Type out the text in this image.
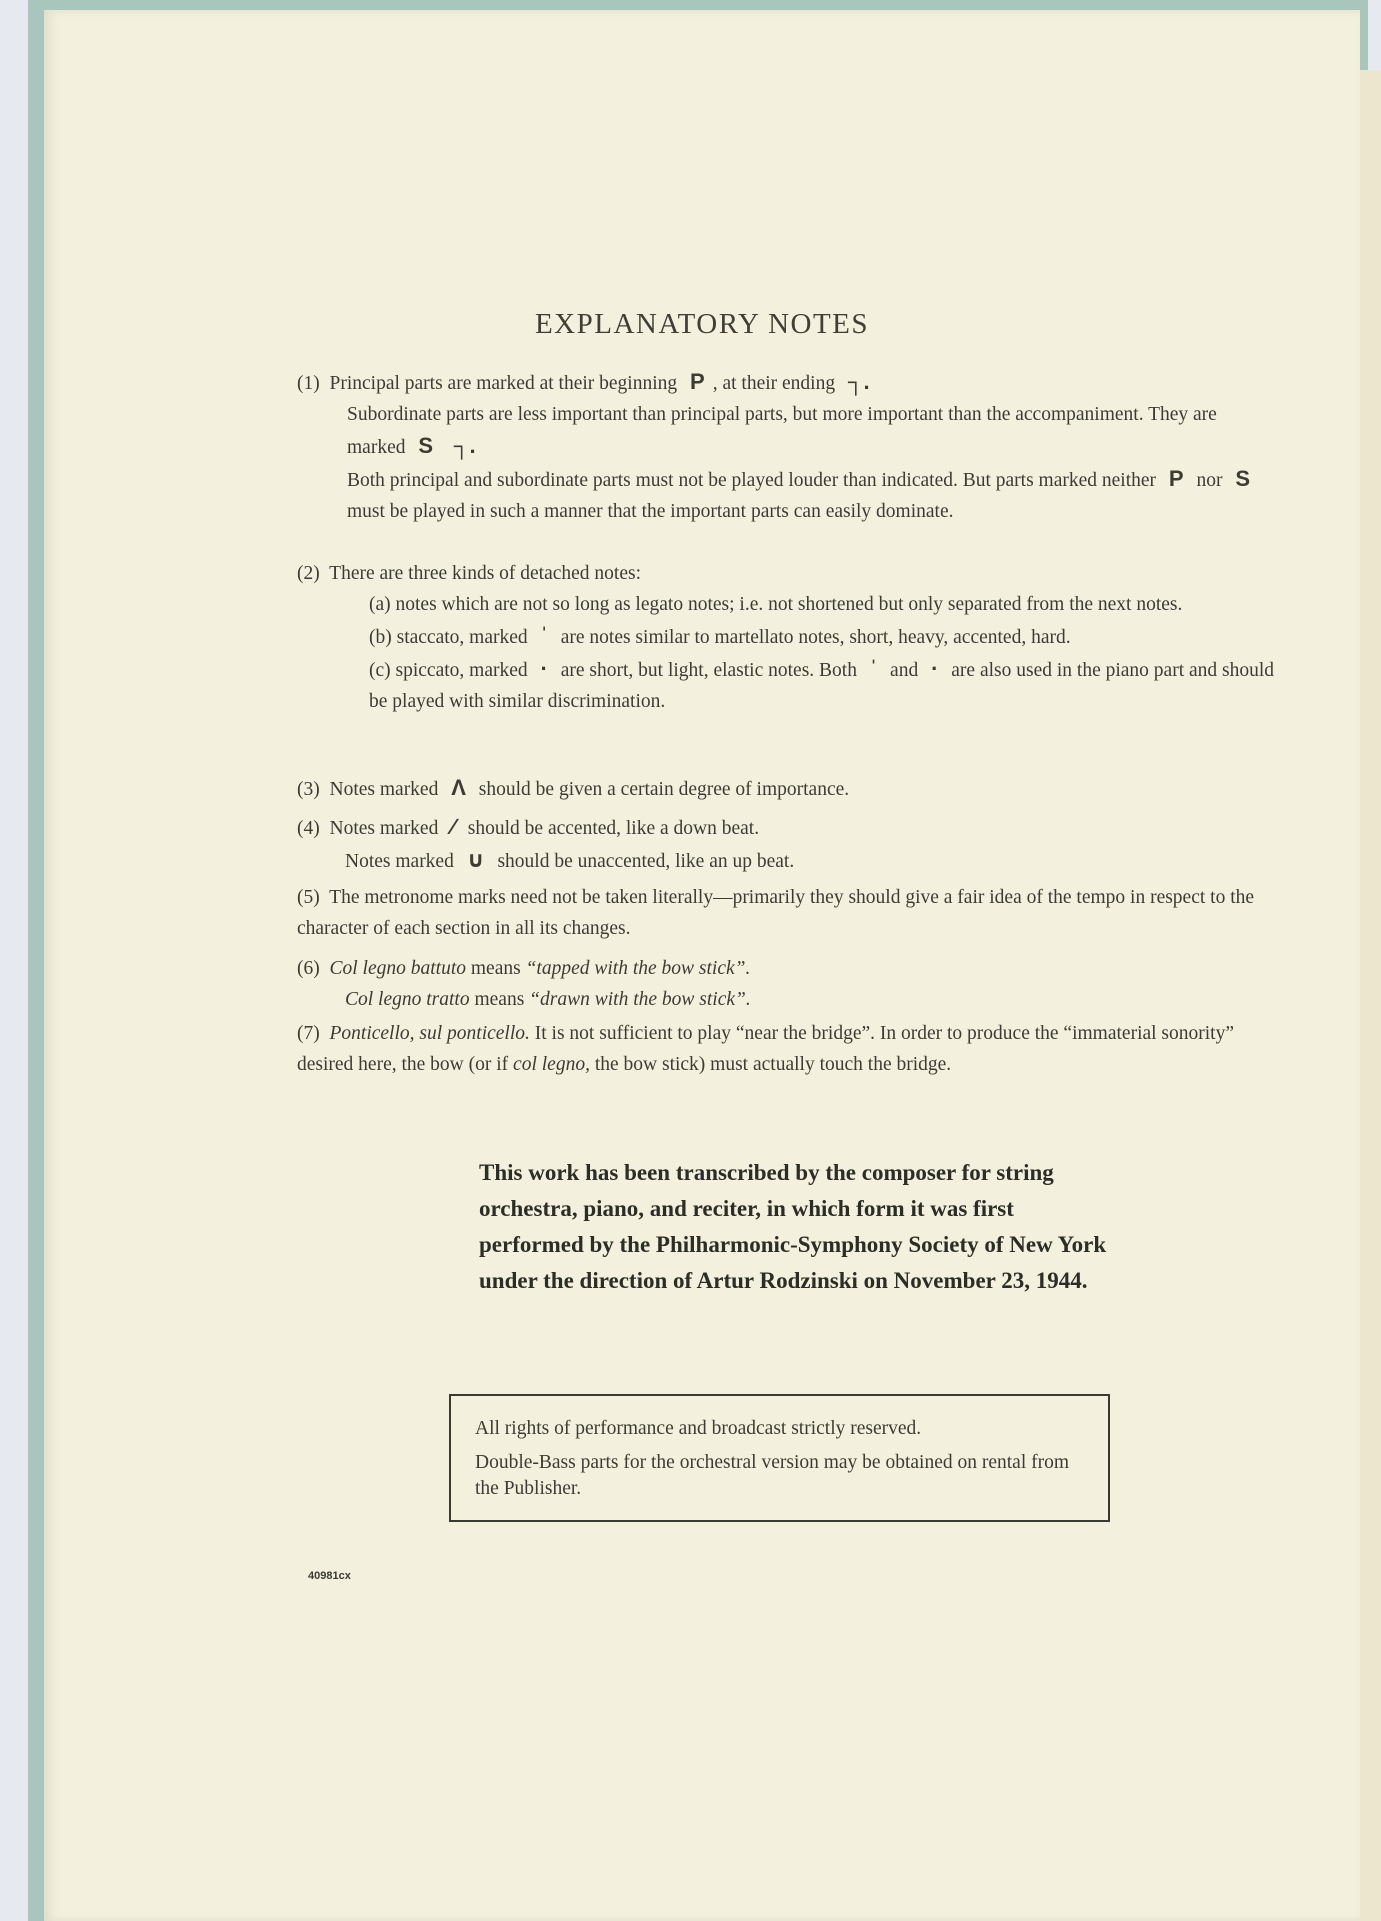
EXPLANATORY NOTES
(1) Principal parts are marked at their beginning P , at their ending ┐.
Subordinate parts are less important than principal parts, but more important than the accompaniment. They are marked S ┐.
Both principal and subordinate parts must not be played louder than indicated. But parts marked neither P nor S must be played in such a manner that the important parts can easily dominate.
(2) There are three kinds of detached notes:
(a) notes which are not so long as legato notes; i.e. not shortened but only separated from the next notes.
(b) staccato, marked ˈ are notes similar to martellato notes, short, heavy, accented, hard.
(c) spiccato, marked · are short, but light, elastic notes. Both ˈ and · are also used in the piano part and should be played with similar discrimination.
(3) Notes marked Λ should be given a certain degree of importance.
(4) Notes marked ∕ should be accented, like a down beat.
Notes marked ∪ should be unaccented, like an up beat.
(5) The metronome marks need not be taken literally—primarily they should give a fair idea of the tempo in respect to the character of each section in all its changes.
(6) Col legno battuto means “tapped with the bow stick”.
Col legno tratto means “drawn with the bow stick”.
(7) Ponticello, sul ponticello. It is not sufficient to play “near the bridge”. In order to produce the “immaterial sonority” desired here, the bow (or if col legno, the bow stick) must actually touch the bridge.
This work has been transcribed by the composer for string orchestra, piano, and reciter, in which form it was first performed by the Philharmonic-Symphony Society of New York under the direction of Artur Rodzinski on November 23, 1944.

All rights of performance and broadcast strictly reserved.

Double-Bass parts for the orchestral version may be obtained on rental from the Publisher.

40981cx
